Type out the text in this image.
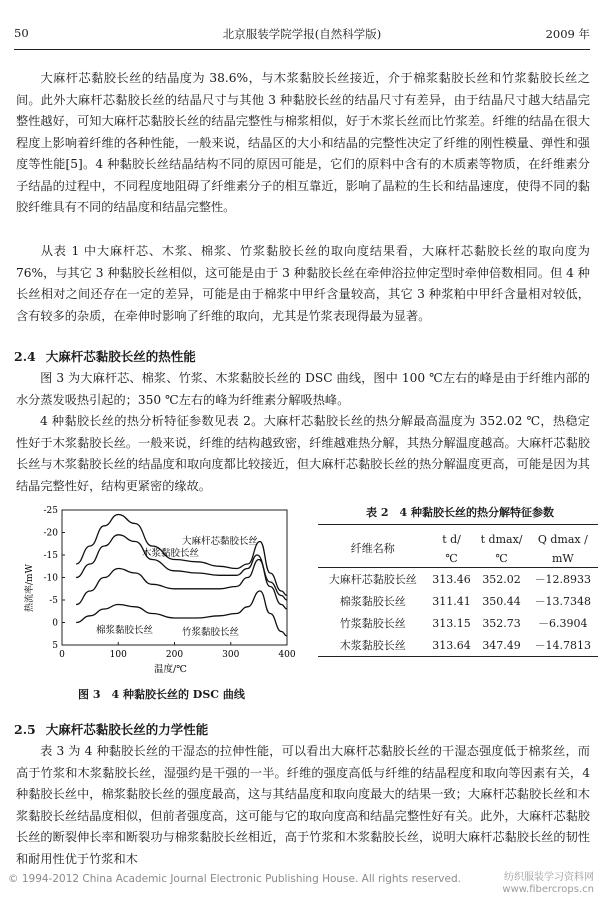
50	北京服装学院学报(自然科学版)	2009 年
大麻杆芯黏胶长丝的结晶度为 38.6%，与木浆黏胶长丝接近，介于棉浆黏胶长丝和竹浆黏胶长丝之间。此外大麻杆芯黏胶长丝的结晶尺寸与其他 3 种黏胶长丝的结晶尺寸有差异，由于结晶尺寸越大结晶完整性越好，可知大麻杆芯黏胶长丝的结晶完整性与棉浆相似，好于木浆长丝而比竹浆差。纤维的结晶在很大程度上影响着纤维的各种性能，一般来说，结晶区的大小和结晶的完整性决定了纤维的刚性模量、弹性和强度等性能[5]。4 种黏胶长丝结晶结构不同的原因可能是，它们的原料中含有的木质素等物质，在纤维素分子结晶的过程中，不同程度地阻碍了纤维素分子的相互靠近，影响了晶粒的生长和结晶速度，使得不同的黏胶纤维具有不同的结晶度和结晶完整性。
从表 1 中大麻杆芯、木浆、棉浆、竹浆黏胶长丝的取向度结果看，大麻杆芯黏胶长丝的取向度为 76%，与其它 3 种黏胶长丝相似，这可能是由于 3 种黏胶长丝在牵伸浴拉伸定型时牵伸倍数相同。但 4 种长丝相对之间还存在一定的差异，可能是由于棉浆中甲纤含量较高，其它 3 种浆粕中甲纤含量相对较低，含有较多的杂质，在牵伸时影响了纤维的取向，尤其是竹浆表现得最为显著。
2.4 大麻杆芯黏胶长丝的热性能
图 3 为大麻杆芯、棉浆、竹浆、木浆黏胶长丝的 DSC 曲线，图中 100 ℃左右的峰是由于纤维内部的水分蒸发吸热引起的；350 ℃左右的峰为纤维素分解吸热峰。
4 种黏胶长丝的热分析特征参数见表 2。大麻杆芯黏胶长丝的热分解最高温度为 352.02 ℃，热稳定性好于木浆黏胶长丝。一般来说，纤维的结构越致密，纤维越难热分解，其热分解温度越高。大麻杆芯黏胶长丝与木浆黏胶长丝的结晶度和取向度都比较接近，但大麻杆芯黏胶长丝的热分解温度更高，可能是因为其结晶完整性好，结构更紧密的缘故。
-25
-20
-15
-10
-5
0
5
0	100	200	300	400
热流率/mW
温度/℃
大麻杆芯黏胶长丝
木浆黏胶长丝
棉浆黏胶长丝	竹浆黏胶长丝
图 3　4 种黏胶长丝的 DSC 曲线
表 2　4 种黏胶长丝的热分解特征参数
纤维名称	t d/	t dmax/	Q dmax /
	℃	℃	mW
大麻杆芯黏胶长丝	313.46	352.02	－12.8933
棉浆黏胶长丝	311.41	350.44	－13.7348
竹浆黏胶长丝	313.15	352.73	－6.3904
木浆黏胶长丝	313.64	347.49	－14.7813
2.5 大麻杆芯黏胶长丝的力学性能
表 3 为 4 种黏胶长丝的干湿态的拉伸性能，可以看出大麻杆芯黏胶长丝的干湿态强度低于棉浆丝，而高于竹浆和木浆黏胶长丝，湿强约是干强的一半。纤维的强度高低与纤维的结晶程度和取向等因素有关，4 种黏胶长丝中，棉浆黏胶长丝的强度最高，这与其结晶度和取向度最大的结果一致；大麻杆芯黏胶长丝和木浆黏胶长丝结晶度相似，但前者强度高，这可能与它的取向度高和结晶完整性好有关。此外，大麻杆芯黏胶长丝的断裂伸长率和断裂功与棉浆黏胶长丝相近，高于竹浆和木浆黏胶长丝，说明大麻杆芯黏胶长丝的韧性和耐用性优于竹浆和木
© 1994-2012 China Academic Journal Electronic Publishing House. All rights reserved.	纺织服装学习资料网
www.fibercrops.cn
